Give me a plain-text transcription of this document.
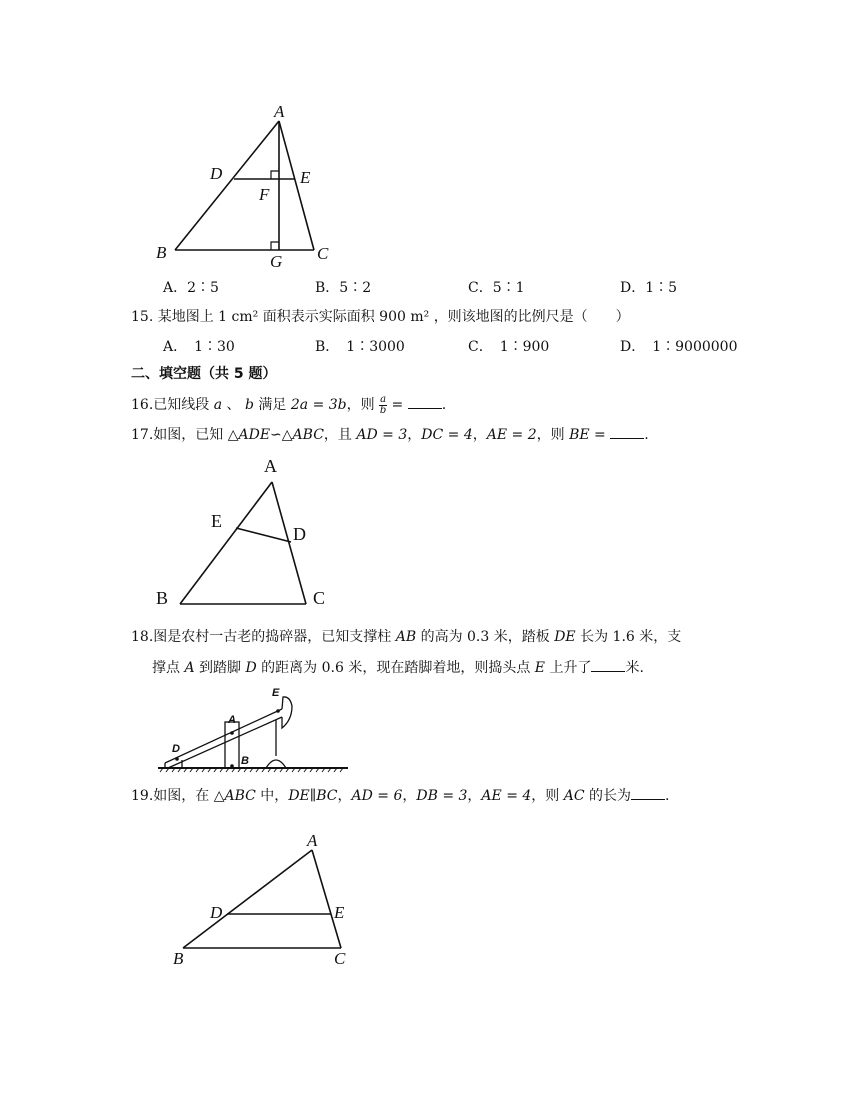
A
D	E
F
B	G C
A．2∶5	B．5∶2	C．5∶1	D．1∶5
15. 某地图上 1 cm² 面积表示实际面积 900 m² ，则该地图的比例尺是（　　）
A．　1∶30	B．　1∶3000	C．　1∶900	D．　1∶9000000
二、填空题（共 5 题）
16.已知线段 a 、 b 满足 2a = 3b，则 $\frac{a}{b}$ = .
17.如图，已知 △ADE∽△ABC，且 AD = 3，DC = 4，AE = 2，则 BE = .
A
E
D
B	C
18.图是农村一古老的捣碎器，已知支撑柱 AB 的高为 0.3 米，踏板 DE 长为 1.6 米，支
撑点 A 到踏脚 D 的距离为 0.6 米，现在踏脚着地，则捣头点 E 上升了 米.
E
A
D
B
19.如图，在 △ABC 中，DE∥BC，AD = 6，DB = 3，AE = 4，则 AC 的长为 .
A
D	E
B	C
